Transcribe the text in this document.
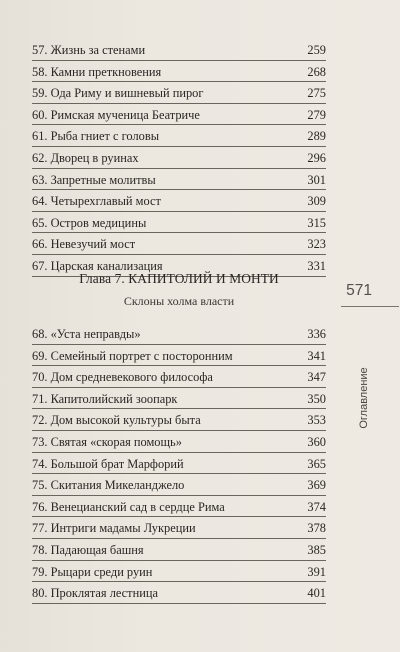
57. Жизнь за стенами	259
58. Камни преткновения	268
59. Ода Риму и вишневый пирог	275
60. Римская мученица Беатриче	279
61. Рыба гниет с головы	289
62. Дворец в руинах	296
63. Запретные молитвы	301
64. Четырехглавый мост	309
65. Остров медицины	315
66. Невезучий мост	323
67. Царская канализация	331
Глава 7. КАПИТОЛИЙ И МОНТИ
Склоны холма власти
571
Оглавление
68. «Уста неправды»	336
69. Семейный портрет с посторонним	341
70. Дом средневекового философа	347
71. Капитолийский зоопарк	350
72. Дом высокой культуры быта	353
73. Святая «скорая помощь»	360
74. Большой брат Марфорий	365
75. Скитания Микеланджело	369
76. Венецианский сад в сердце Рима	374
77. Интриги мадамы Лукреции	378
78. Падающая башня	385
79. Рыцари среди руин	391
80. Проклятая лестница	401
